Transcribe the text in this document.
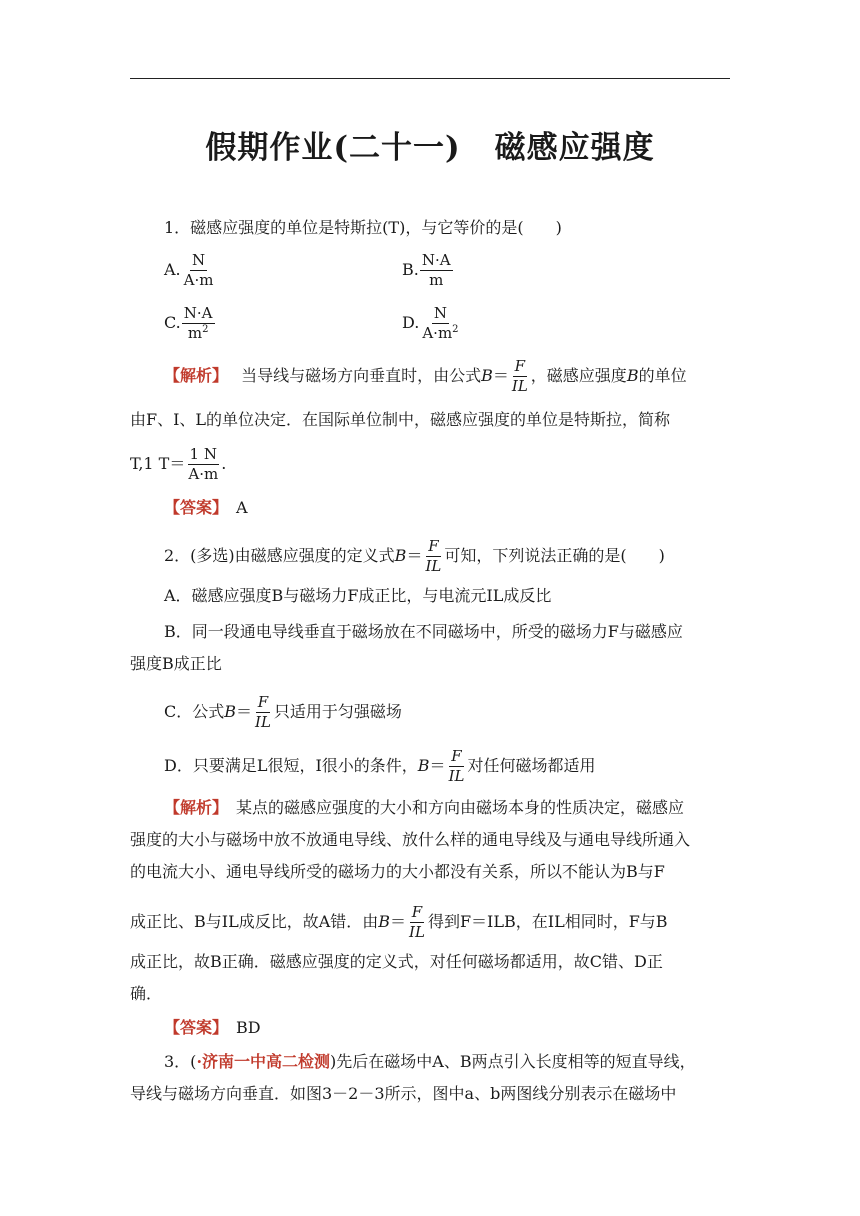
假期作业(二十一) 磁感应强度
1．磁感应强度的单位是特斯拉(T)，与它等价的是(　　)
A. $\frac{N}{A\cdot m}$	B. $\frac{N\cdot A}{m}$
C. $\frac{N\cdot A}{m^2}$	D. $\frac{N}{A\cdot m^2}$
【解析】　 当导线与磁场方向垂直时，由公式$B= \frac{F}{IL}$ ，磁感应强度B的单位
由F、I、L的单位决定．在国际单位制中，磁感应强度的单位是特斯拉，简称
T,1 $T= \frac{1 N}{A\cdot m}$ .
【答案】　 A
2．(多选)由磁感应强度的定义式$B= \frac{F}{IL}$ 可知，下列说法正确的是(　　)
A．磁感应强度B与磁场力F成正比，与电流元IL成反比
B．同一段通电导线垂直于磁场放在不同磁场中，所受的磁场力F与磁感应
强度B成正比
C．公式$B= \frac{F}{IL}$ 只适用于匀强磁场
D．只要满足L很短，I很小的条件，$B= \frac{F}{IL}$ 对任何磁场都适用
【解析】　 某点的磁感应强度的大小和方向由磁场本身的性质决定，磁感应
强度的大小与磁场中放不放通电导线、放什么样的通电导线及与通电导线所通入
的电流大小、通电导线所受的磁场力的大小都没有关系，所以不能认为B与F
成正比、B与IL成反比，故A错．由$B= \frac{F}{IL}$ 得到F＝ILB，在IL相同时，F与B
成正比，故B正确．磁感应强度的定义式，对任何磁场都适用，故C错、D正
确．
【答案】　 BD
3．(·济南一中高二检测)先后在磁场中A、B两点引入长度相等的短直导线，
导线与磁场方向垂直．如图3－2－3所示，图中a、b两图线分别表示在磁场中
